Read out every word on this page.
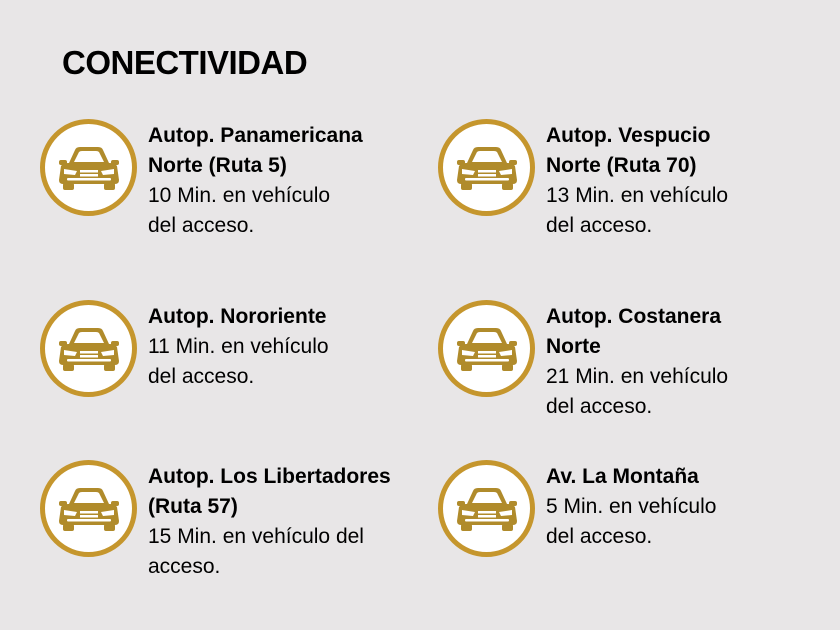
CONECTIVIDAD
Autop. Panamericana
Norte (Ruta 5)
10 Min. en vehículo
del acceso.
Autop. Vespucio
Norte (Ruta 70)
13 Min. en vehículo
del acceso.
Autop. Nororiente
11 Min. en vehículo
del acceso.
Autop. Costanera
Norte
21 Min. en vehículo
del acceso.
Autop. Los Libertadores
(Ruta 57)
15 Min. en vehículo del
acceso.
Av. La Montaña
5 Min. en vehículo
del acceso.
